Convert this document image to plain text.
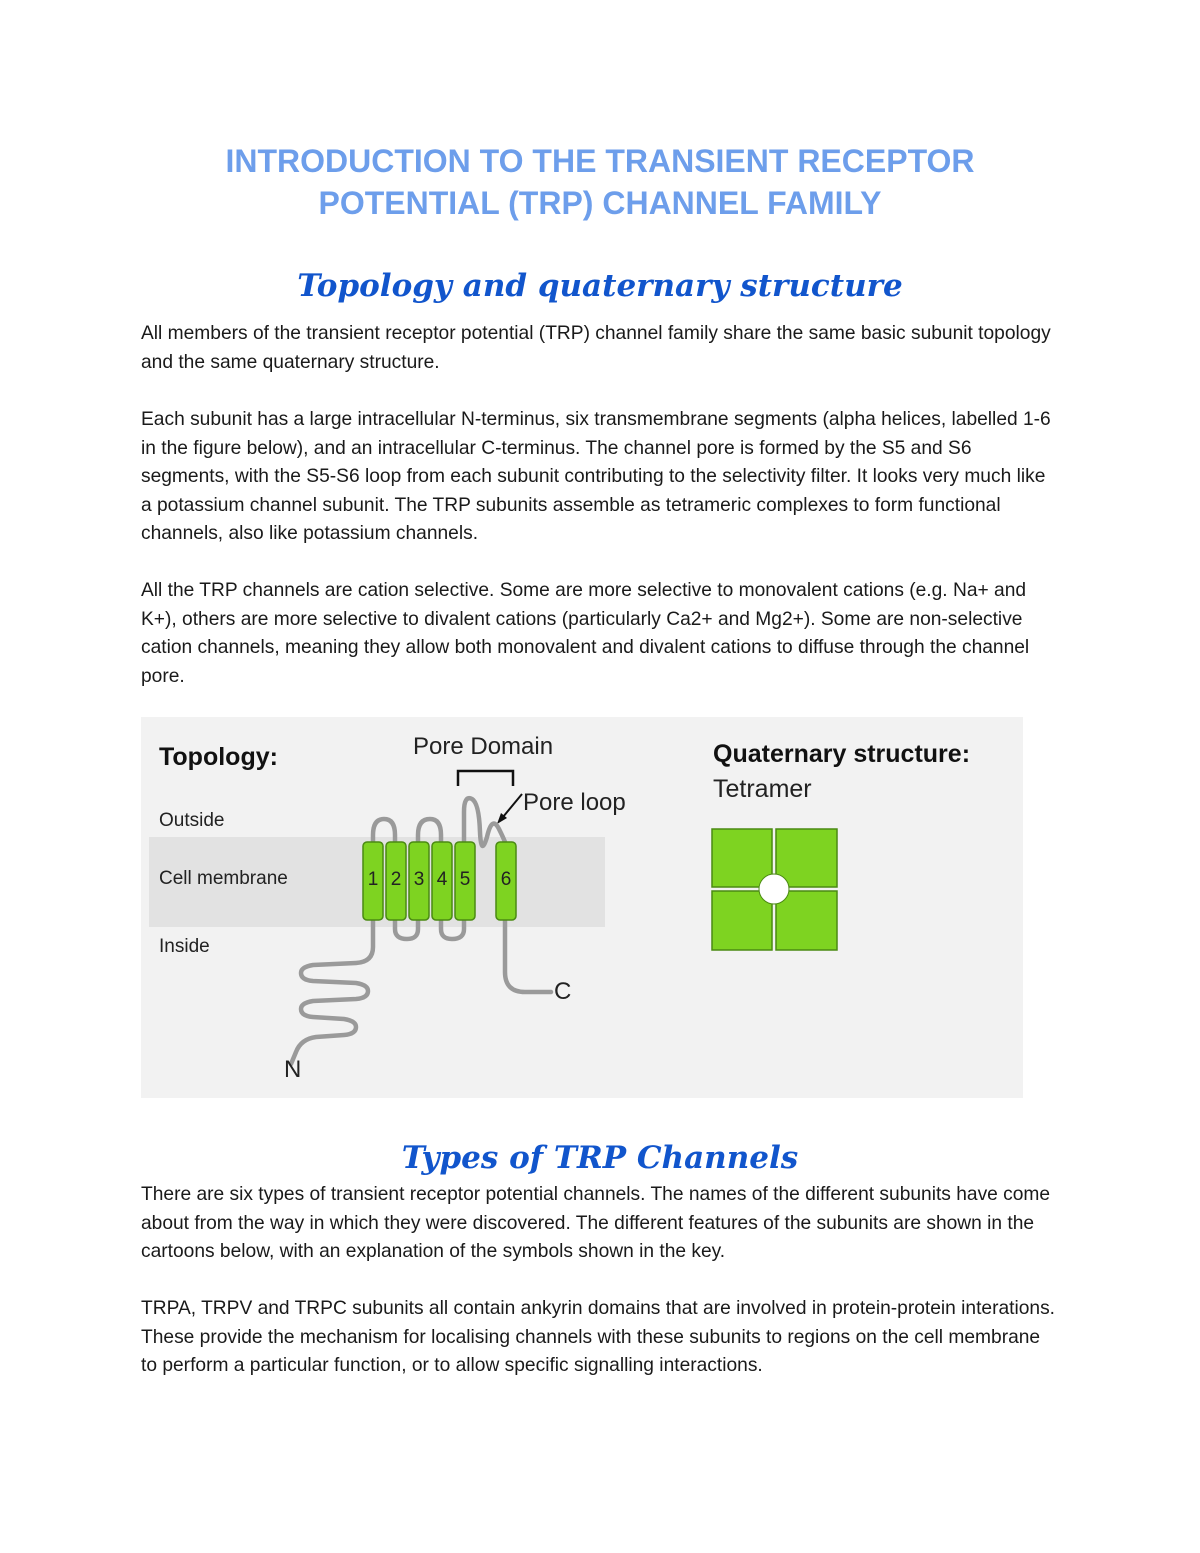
INTRODUCTION TO THE TRANSIENT RECEPTOR
POTENTIAL (TRP) CHANNEL FAMILY
Topology and quaternary structure

All members of the transient receptor potential (TRP) channel family share the same basic subunit topology and the same quaternary structure.

Each subunit has a large intracellular N-terminus, six transmembrane segments (alpha helices, labelled 1-6 in the figure below), and an intracellular C-terminus. The channel pore is formed by the S5 and S6 segments, with the S5-S6 loop from each subunit contributing to the selectivity filter. It looks very much like a potassium channel subunit. The TRP subunits assemble as tetrameric complexes to form functional channels, also like potassium channels.

All the TRP channels are cation selective. Some are more selective to monovalent cations (e.g. Na+ and K+), others are more selective to divalent cations (particularly Ca2+ and Mg2+). Some are non-selective cation channels, meaning they allow both monovalent and divalent cations to diffuse through the channel pore.

Topology:
Outside
Cell membrane
Inside
Pore Domain
Pore loop
1 2 3 4 5 6
N
C
Quaternary structure:
Tetramer
Types of TRP Channels

There are six types of transient receptor potential channels. The names of the different subunits have come about from the way in which they were discovered. The different features of the subunits are shown in the cartoons below, with an explanation of the symbols shown in the key.

TRPA, TRPV and TRPC subunits all contain ankyrin domains that are involved in protein-protein interations. These provide the mechanism for localising channels with these subunits to regions on the cell membrane to perform a particular function, or to allow specific signalling interactions.
